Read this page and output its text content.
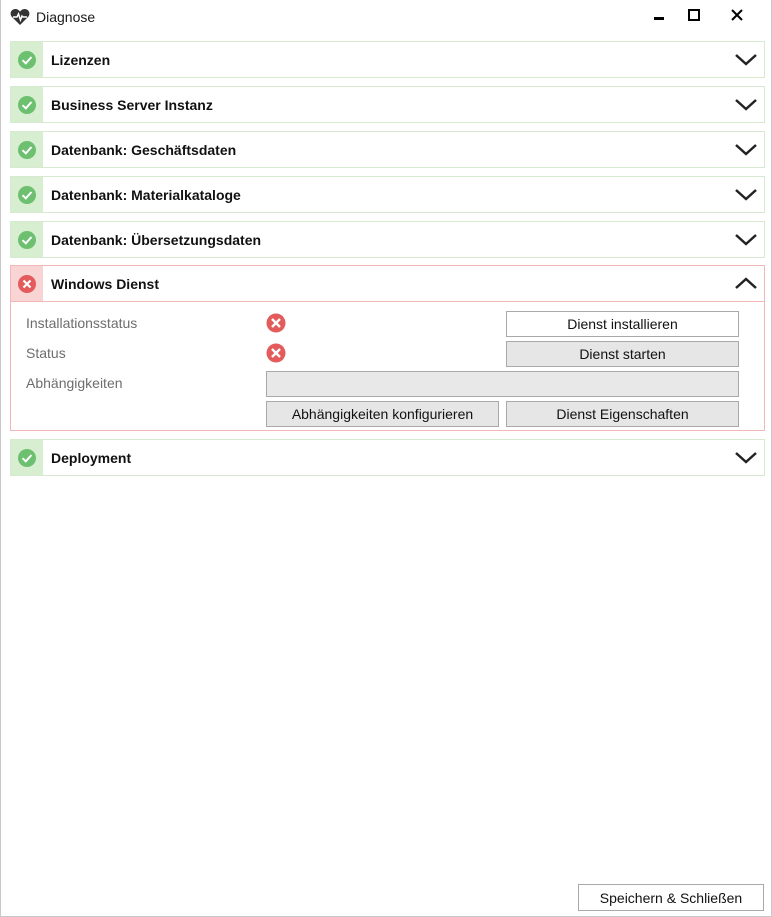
Diagnose
Lizenzen
Business Server Instanz
Datenbank: Geschäftsdaten
Datenbank: Materialkataloge
Datenbank: Übersetzungsdaten
Windows Dienst
Installationsstatus	Dienst installieren
Status	Dienst starten
Abhängigkeiten
Abhängigkeiten konfigurieren	Dienst Eigenschaften
Deployment
Speichern & Schließen
